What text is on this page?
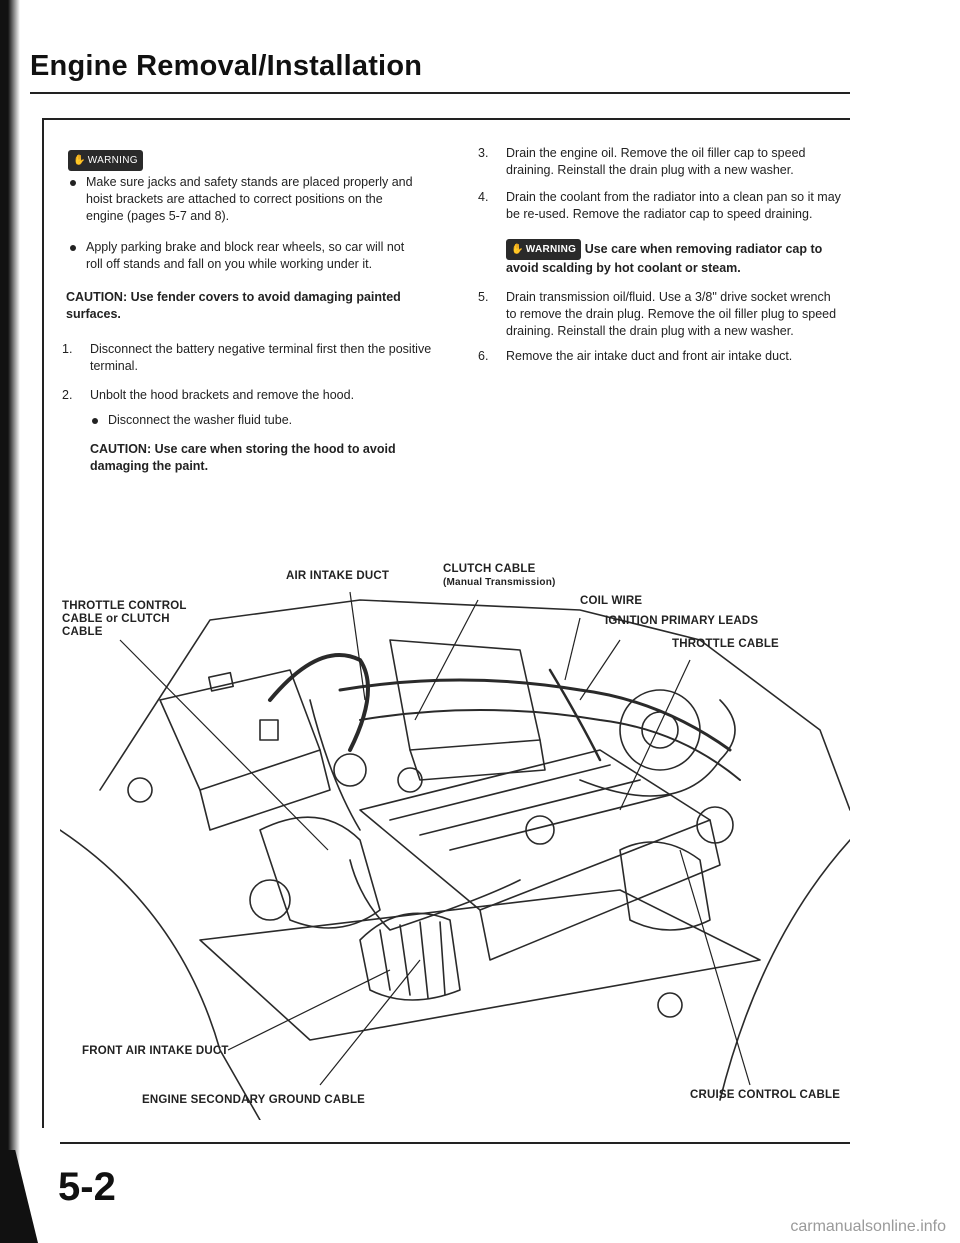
Engine Removal/Installation
✋ WARNING
Make sure jacks and safety stands are placed properly and hoist brackets are attached to correct positions on the engine (pages 5-7 and 8).
Apply parking brake and block rear wheels, so car will not roll off stands and fall on you while working under it.
CAUTION: Use fender covers to avoid damaging painted surfaces.
1. Disconnect the battery negative terminal first then the positive terminal.
2. Unbolt the hood brackets and remove the hood.
Disconnect the washer fluid tube.
CAUTION: Use care when storing the hood to avoid damaging the paint.
3. Drain the engine oil. Remove the oil filler cap to speed draining. Reinstall the drain plug with a new washer.
4. Drain the coolant from the radiator into a clean pan so it may be re-used. Remove the radiator cap to speed draining.
✋ WARNING Use care when removing radiator cap to avoid scalding by hot coolant or steam.
5. Drain transmission oil/fluid. Use a 3/8" drive socket wrench to remove the drain plug. Remove the oil filler plug to speed draining. Reinstall the drain plug with a new washer.
6. Remove the air intake duct and front air intake duct.
AIR INTAKE DUCT
CLUTCH CABLE
(Manual Transmission)
THROTTLE CONTROL
CABLE or CLUTCH
CABLE
COIL WIRE
IGNITION PRIMARY LEADS
THROTTLE CABLE
FRONT AIR INTAKE DUCT
ENGINE SECONDARY GROUND CABLE	CRUISE CONTROL CABLE
5-2
carmanualsonline.info
